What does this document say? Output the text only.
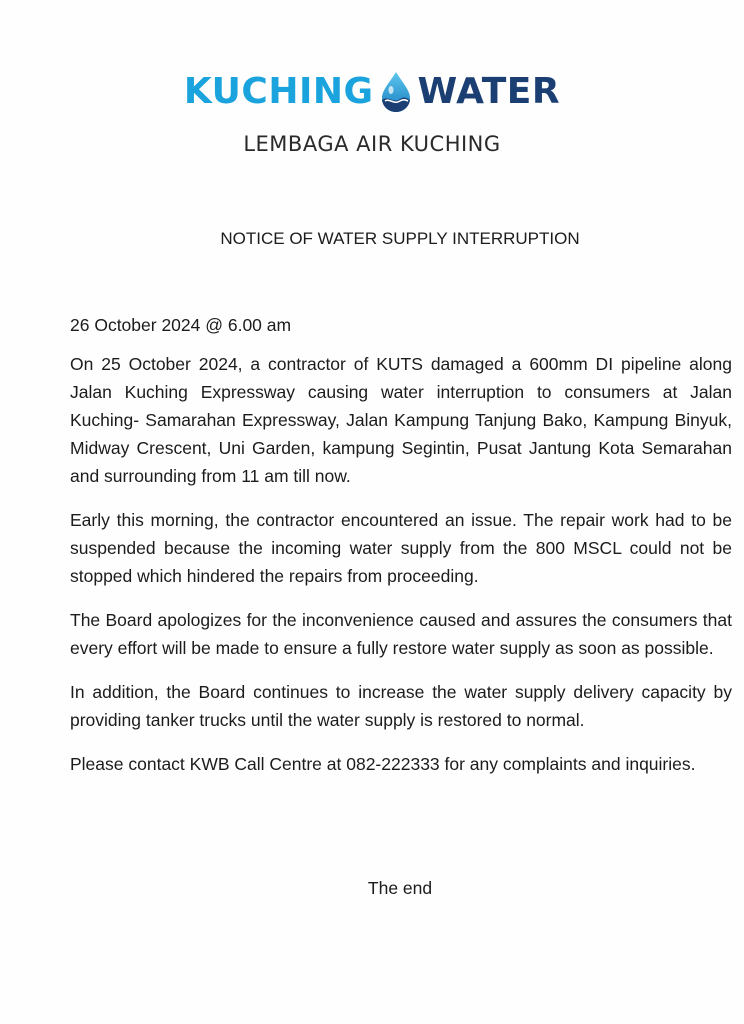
KUCHING WATER
LEMBAGA AIR KUCHING
NOTICE OF WATER SUPPLY INTERRUPTION

26 October 2024 @ 6.00 am

On 25 October 2024, a contractor of KUTS damaged a 600mm DI pipeline along Jalan Kuching Expressway causing water interruption to consumers at Jalan Kuching- Samarahan Expressway, Jalan Kampung Tanjung Bako, Kampung Binyuk, Midway Crescent, Uni Garden, kampung Segintin, Pusat Jantung Kota Semarahan and surrounding from 11 am till now.

Early this morning, the contractor encountered an issue. The repair work had to be suspended because the incoming water supply from the 800 MSCL could not be stopped which hindered the repairs from proceeding.

The Board apologizes for the inconvenience caused and assures the consumers that every effort will be made to ensure a fully restore water supply as soon as possible.

In addition, the Board continues to increase the water supply delivery capacity by providing tanker trucks until the water supply is restored to normal.

Please contact KWB Call Centre at 082-222333 for any complaints and inquiries.

The end
